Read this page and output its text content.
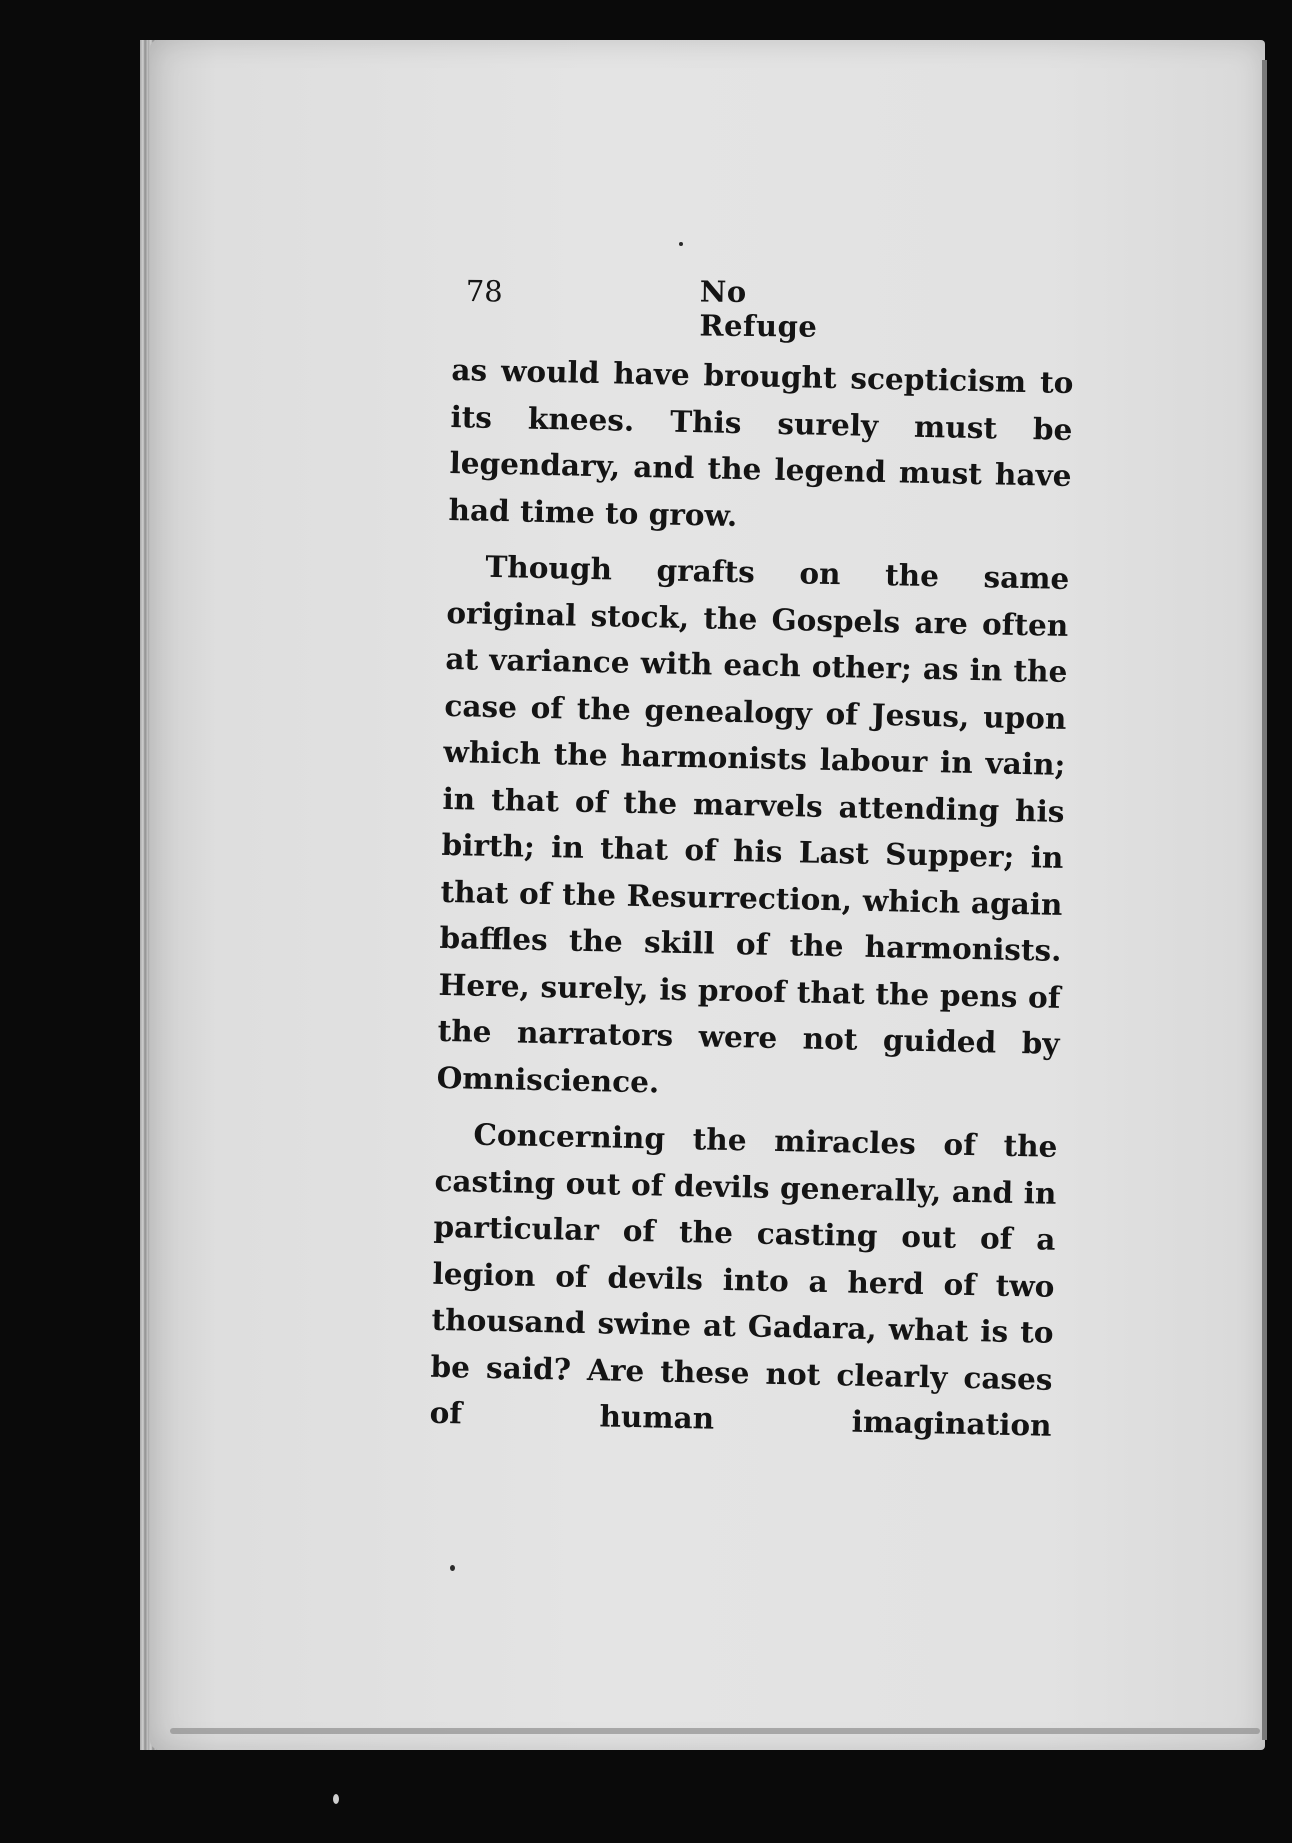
78	No Refuge

as would have brought scepticism to its knees. This surely must be legendary, and the legend must have had time to grow.

Though grafts on the same original stock, the Gospels are often at variance with each other; as in the case of the genealogy of Jesus, upon which the harmonists labour in vain; in that of the marvels attending his birth; in that of his Last Supper; in that of the Resurrection, which again baffles the skill of the harmonists. Here, surely, is proof that the pens of the narrators were not guided by Omniscience.

Concerning the miracles of the casting out of devils generally, and in particular of the casting out of a legion of devils into a herd of two thousand swine at Gadara, what is to be said? Are these not clearly cases of human imagination
